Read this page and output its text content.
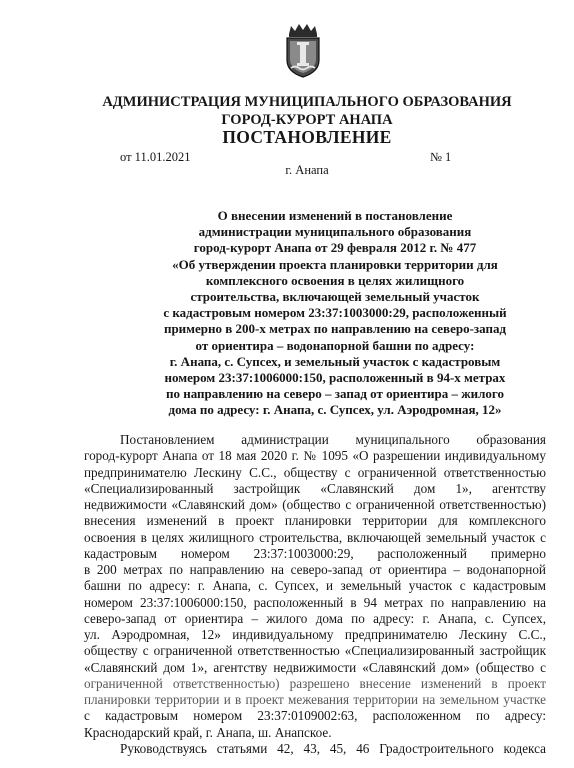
АДМИНИСТРАЦИЯ МУНИЦИПАЛЬНОГО ОБРАЗОВАНИЯ
ГОРОД-КУРОРТ АНАПА
ПОСТАНОВЛЕНИЕ
от 11.01.2021	№ 1
г. Анапа
О внесении изменений в постановление
администрации муниципального образования
город-курорт Анапа от 29 февраля 2012 г. № 477
«Об утверждении проекта планировки территории для
комплексного освоения в целях жилищного
строительства, включающей земельный участок
с кадастровым номером 23:37:1003000:29, расположенный
примерно в 200-х метрах по направлению на северо-запад
от ориентира – водонапорной башни по адресу:
г. Анапа, с. Супсех, и земельный участок с кадастровым
номером 23:37:1006000:150, расположенный в 94-х метрах
по направлению на северо – запад от ориентира – жилого
дома по адресу: г. Анапа, с. Супсех, ул. Аэродромная, 12»
Постановлением администрации муниципального образования
город-курорт Анапа от 18 мая 2020 г. № 1095 «О разрешении индивидуальному
предпринимателю Лескину С.С., обществу с ограниченной ответственностью
«Специализированный застройщик «Славянский дом 1», агентству
недвижимости «Славянский дом» (общество с ограниченной ответственностью)
внесения изменений в проект планировки территории для комплексного
освоения в целях жилищного строительства, включающей земельный участок с
кадастровым номером 23:37:1003000:29, расположенный примерно
в 200 метрах по направлению на северо-запад от ориентира – водонапорной
башни по адресу: г. Анапа, с. Супсех, и земельный участок с кадастровым
номером 23:37:1006000:150, расположенный в 94 метрах по направлению на
северо-запад от ориентира – жилого дома по адресу: г. Анапа, с. Супсех,
ул. Аэродромная, 12» индивидуальному предпринимателю Лескину С.С.,
обществу с ограниченной ответственностью «Специализированный застройщик
«Славянский дом 1», агентству недвижимости «Славянский дом» (общество с
ограниченной ответственностью) разрешено внесение изменений в проект
планировки территории и в проект межевания территории на земельном участке
с кадастровым номером 23:37:0109002:63, расположенном по адресу:
Краснодарский край, г. Анапа, ш. Анапское.
Руководствуясь статьями 42, 43, 45, 46 Градостроительного кодекса
